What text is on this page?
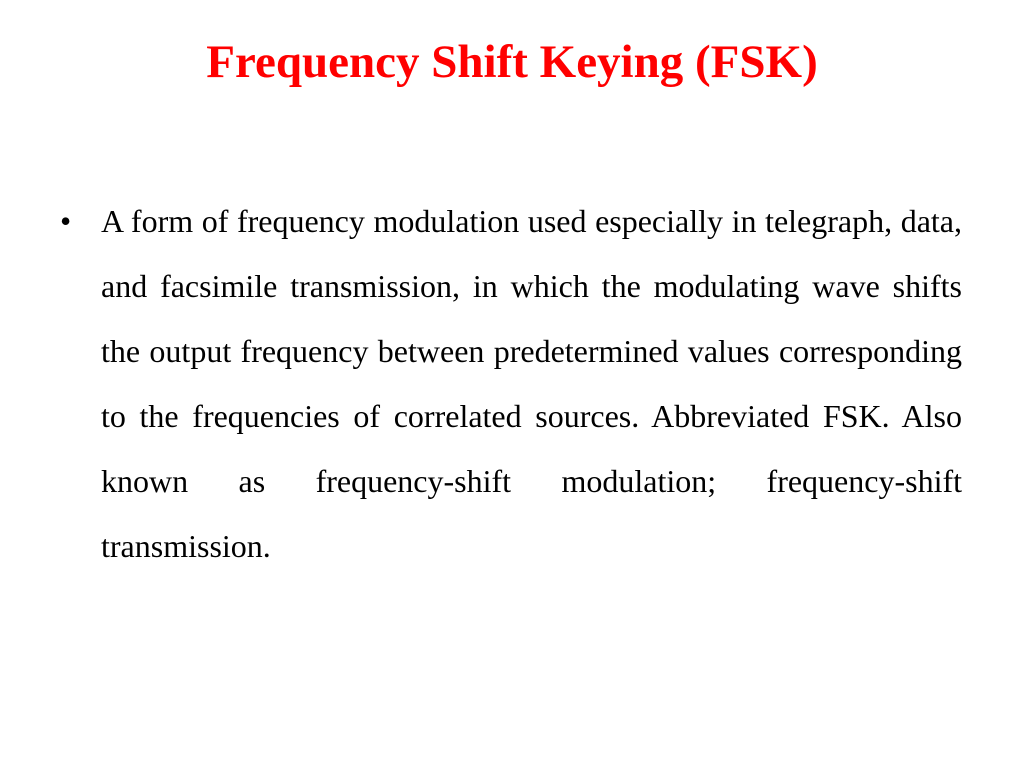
Frequency Shift Keying (FSK)
• A form of frequency modulation used especially in telegraph, data, and facsimile transmission, in which the modulating wave shifts the output frequency between predetermined values corresponding to the frequencies of correlated sources. Abbreviated FSK. Also known as frequency-shift modulation; frequency-shift transmission.
